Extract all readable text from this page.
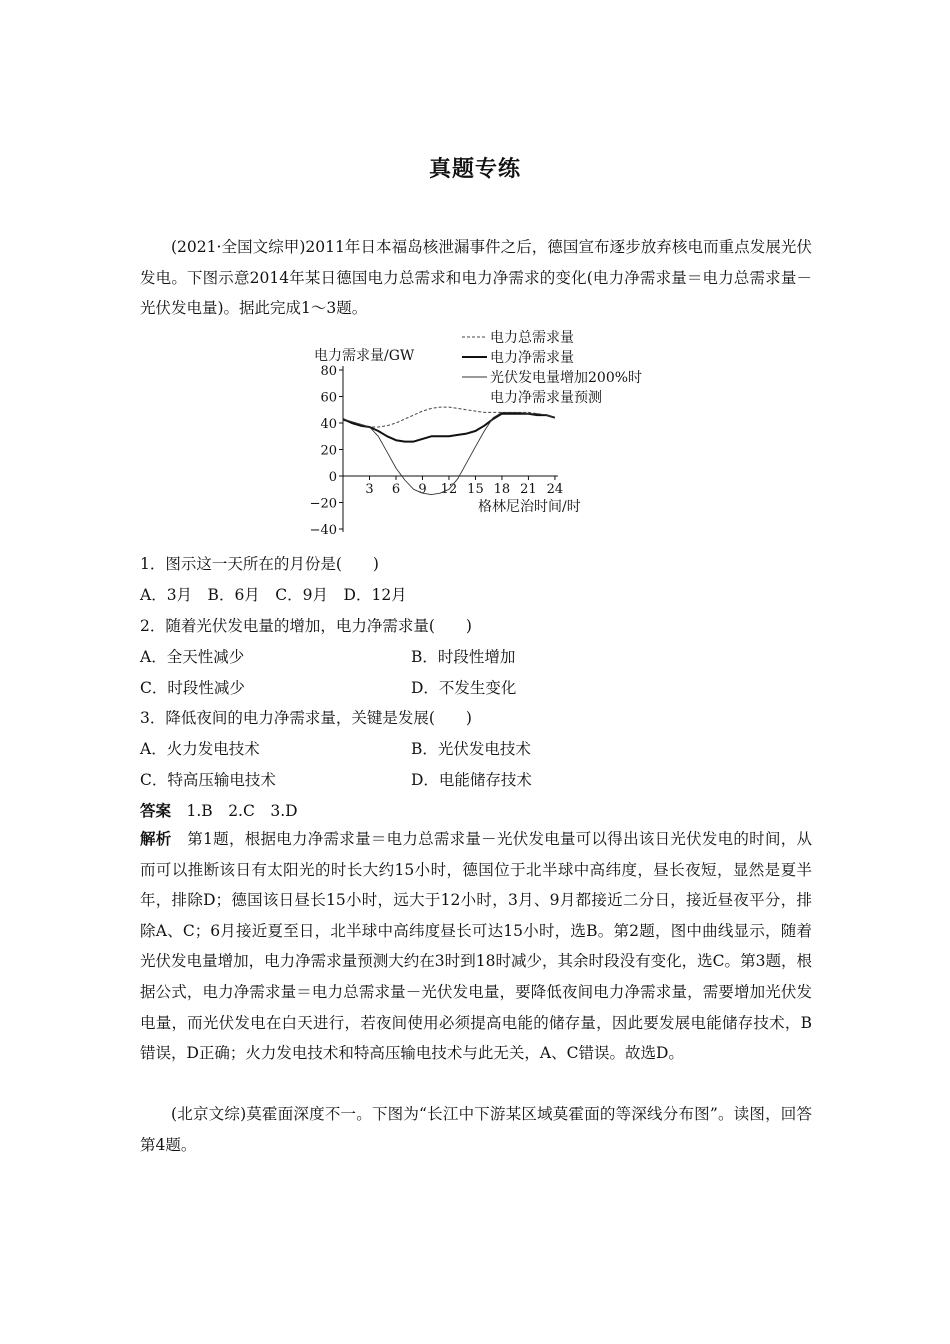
真题专练
(2021·全国文综甲)2011年日本福岛核泄漏事件之后，德国宣布逐步放弃核电而重点发展光伏发电。下图示意2014年某日德国电力总需求和电力净需求的变化(电力净需求量＝电力总需求量－光伏发电量)。据此完成1～3题。
电力总需求量
电力净需求量
光伏发电量增加200%时
电力净需求量预测
电力需求量/GW
80
60
40
20
0
−20
−40
3 6 9 12 15 18 21 24
格林尼治时间/时
1．图示这一天所在的月份是(　　)
A．3月　B．6月　C．9月　D．12月
2．随着光伏发电量的增加，电力净需求量(　　)
A．全天性减少	B．时段性增加
C．时段性减少	D．不发生变化
3．降低夜间的电力净需求量，关键是发展(　　)
A．火力发电技术	B．光伏发电技术
C．特高压输电技术	D．电能储存技术
答案　1.B　2.C　3.D
解析　第1题，根据电力净需求量＝电力总需求量－光伏发电量可以得出该日光伏发电的时间，从而可以推断该日有太阳光的时长大约15小时，德国位于北半球中高纬度，昼长夜短，显然是夏半年，排除D；德国该日昼长15小时，远大于12小时，3月、9月都接近二分日，接近昼夜平分，排除A、C；6月接近夏至日，北半球中高纬度昼长可达15小时，选B。第2题，图中曲线显示，随着光伏发电量增加，电力净需求量预测大约在3时到18时减少，其余时段没有变化，选C。第3题，根据公式，电力净需求量＝电力总需求量－光伏发电量，要降低夜间电力净需求量，需要增加光伏发电量，而光伏发电在白天进行，若夜间使用必须提高电能的储存量，因此要发展电能储存技术，B错误，D正确；火力发电技术和特高压输电技术与此无关，A、C错误。故选D。
(北京文综)莫霍面深度不一。下图为“长江中下游某区域莫霍面的等深线分布图”。读图，回答第4题。
